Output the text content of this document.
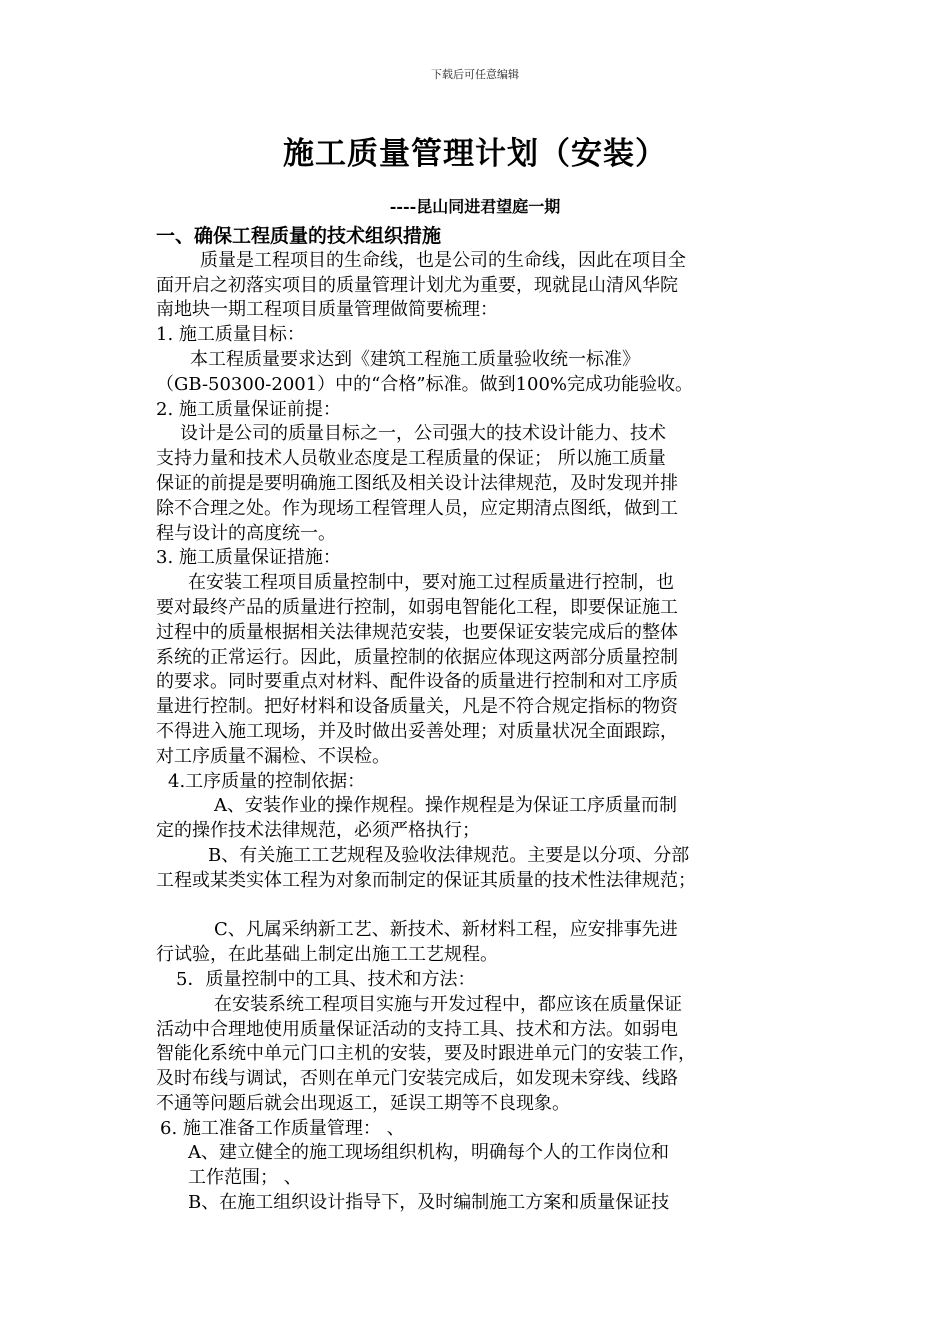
下载后可任意编辑
施工质量管理计划（安装）
----昆山同进君望庭一期

一、确保工程质量的技术组织措施

质量是工程项目的生命线，也是公司的生命线，因此在项目全

面开启之初落实项目的质量管理计划尤为重要，现就昆山清风华院

南地块一期工程项目质量管理做简要梳理：

1. 施工质量目标：

本工程质量要求达到《建筑工程施工质量验收统一标准》

（GB-50300-2001）中的“合格”标准。做到100%完成功能验收。

2. 施工质量保证前提：

设计是公司的质量目标之一，公司强大的技术设计能力、技术

支持力量和技术人员敬业态度是工程质量的保证； 所以施工质量

保证的前提是要明确施工图纸及相关设计法律规范，及时发现并排

除不合理之处。作为现场工程管理人员，应定期清点图纸，做到工

程与设计的高度统一。

3. 施工质量保证措施：

在安装工程项目质量控制中，要对施工过程质量进行控制，也

要对最终产品的质量进行控制，如弱电智能化工程，即要保证施工

过程中的质量根据相关法律规范安装，也要保证安装完成后的整体

系统的正常运行。因此，质量控制的依据应体现这两部分质量控制

的要求。同时要重点对材料、配件设备的质量进行控制和对工序质

量进行控制。把好材料和设备质量关，凡是不符合规定指标的物资

不得进入施工现场，并及时做出妥善处理；对质量状况全面跟踪，

对工序质量不漏检、不误检。

4.工序质量的控制依据：

A、安装作业的操作规程。操作规程是为保证工序质量而制

定的操作技术法律规范，必须严格执行；

B、有关施工工艺规程及验收法律规范。主要是以分项、分部

工程或某类实体工程为对象而制定的保证其质量的技术性法律规范；

C、凡属采纳新工艺、新技术、新材料工程，应安排事先进

行试验，在此基础上制定出施工工艺规程。

5．质量控制中的工具、技术和方法：

在安装系统工程项目实施与开发过程中，都应该在质量保证

活动中合理地使用质量保证活动的支持工具、技术和方法。如弱电

智能化系统中单元门口主机的安装，要及时跟进单元门的安装工作，

及时布线与调试，否则在单元门安装完成后，如发现未穿线、线路

不通等问题后就会出现返工，延误工期等不良现象。

6. 施工准备工作质量管理： 、

A、建立健全的施工现场组织机构，明确每个人的工作岗位和

工作范围； 、

B、在施工组织设计指导下，及时编制施工方案和质量保证技
